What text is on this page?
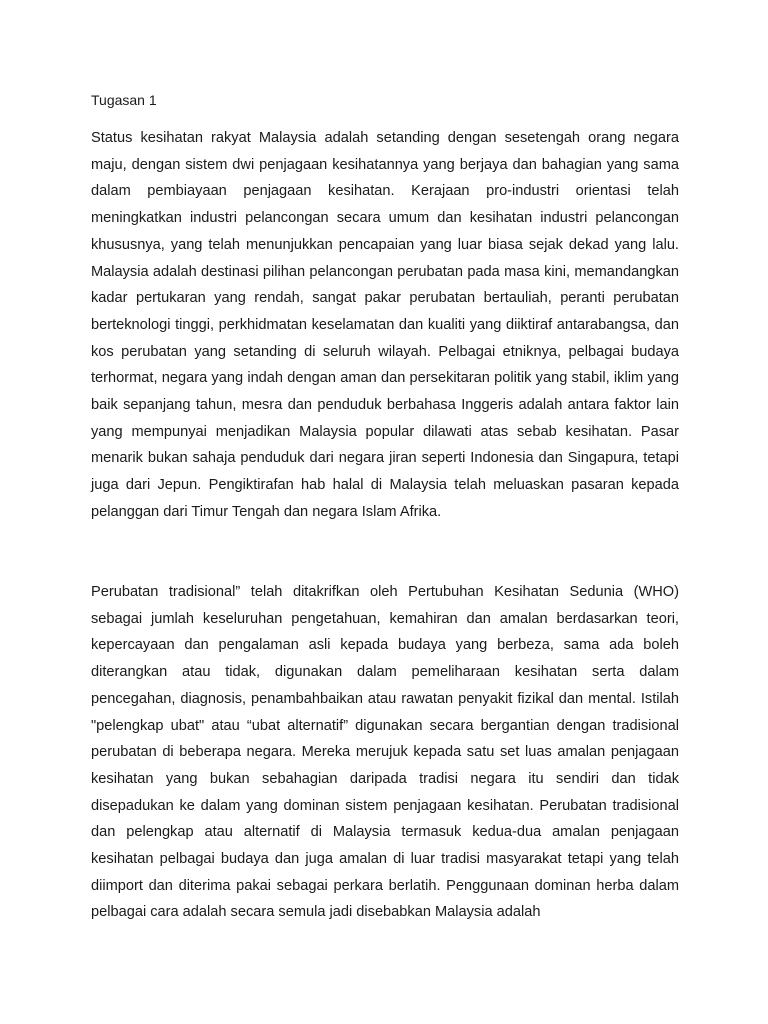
Tugasan 1

Status kesihatan rakyat Malaysia adalah setanding dengan sesetengah orang negara maju, dengan sistem dwi penjagaan kesihatannya yang berjaya dan bahagian yang sama dalam pembiayaan penjagaan kesihatan. Kerajaan pro-industri orientasi telah meningkatkan industri pelancongan secara umum dan kesihatan industri pelancongan khususnya, yang telah menunjukkan pencapaian yang luar biasa sejak dekad yang lalu. Malaysia adalah destinasi pilihan pelancongan perubatan pada masa kini, memandangkan kadar pertukaran yang rendah, sangat pakar perubatan bertauliah, peranti perubatan berteknologi tinggi, perkhidmatan keselamatan dan kualiti yang diiktiraf antarabangsa, dan kos perubatan yang setanding di seluruh wilayah. Pelbagai etniknya, pelbagai budaya terhormat, negara yang indah dengan aman dan persekitaran politik yang stabil, iklim yang baik sepanjang tahun, mesra dan penduduk berbahasa Inggeris adalah antara faktor lain yang mempunyai menjadikan Malaysia popular dilawati atas sebab kesihatan. Pasar menarik bukan sahaja penduduk dari negara jiran seperti Indonesia dan Singapura, tetapi juga dari Jepun. Pengiktirafan hab halal di Malaysia telah meluaskan pasaran kepada pelanggan dari Timur Tengah dan negara Islam Afrika.

Perubatan tradisional” telah ditakrifkan oleh Pertubuhan Kesihatan Sedunia (WHO) sebagai jumlah keseluruhan pengetahuan, kemahiran dan amalan berdasarkan teori, kepercayaan dan pengalaman asli kepada budaya yang berbeza, sama ada boleh diterangkan atau tidak, digunakan dalam pemeliharaan kesihatan serta dalam pencegahan, diagnosis, penambahbaikan atau rawatan penyakit fizikal dan mental. Istilah "pelengkap ubat" atau “ubat alternatif” digunakan secara bergantian dengan tradisional perubatan di beberapa negara. Mereka merujuk kepada satu set luas amalan penjagaan kesihatan yang bukan sebahagian daripada tradisi negara itu sendiri dan tidak disepadukan ke dalam yang dominan sistem penjagaan kesihatan. Perubatan tradisional dan pelengkap atau alternatif di Malaysia termasuk kedua-dua amalan penjagaan kesihatan pelbagai budaya dan juga amalan di luar tradisi masyarakat tetapi yang telah diimport dan diterima pakai sebagai perkara berlatih. Penggunaan dominan herba dalam pelbagai cara adalah secara semula jadi disebabkan Malaysia adalah
